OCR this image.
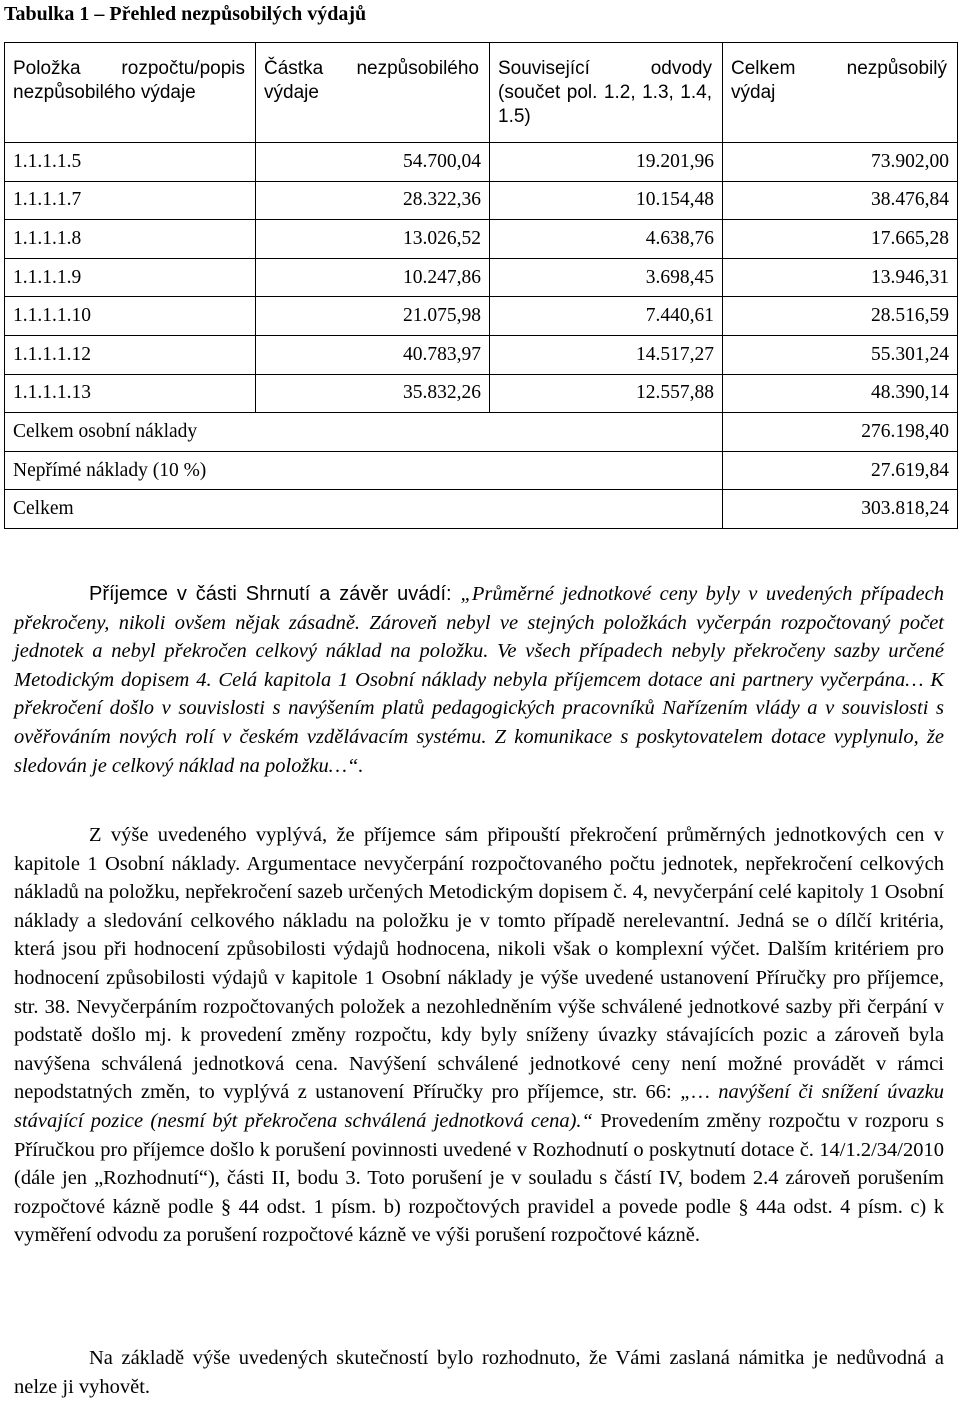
Tabulka 1 – Přehled nezpůsobilých výdajů
Položka rozpočtu/popis nezpůsobilého výdaje	Částka nezpůsobilého výdaje	Související odvody (součet pol. 1.2, 1.3, 1.4, 1.5)	Celkem nezpůsobilý výdaj
1.1.1.1.5	54.700,04	19.201,96	73.902,00
1.1.1.1.7	28.322,36	10.154,48	38.476,84
1.1.1.1.8	13.026,52	4.638,76	17.665,28
1.1.1.1.9	10.247,86	3.698,45	13.946,31
1.1.1.1.10	21.075,98	7.440,61	28.516,59
1.1.1.1.12	40.783,97	14.517,27	55.301,24
1.1.1.1.13	35.832,26	12.557,88	48.390,14
Celkem osobní náklady			276.198,40
Nepřímé náklady (10 %)			27.619,84
Celkem			303.818,24

Příjemce v části Shrnutí a závěr uvádí: „Průměrné jednotkové ceny byly v uvedených případech překročeny, nikoli ovšem nějak zásadně. Zároveň nebyl ve stejných položkách vyčerpán rozpočtovaný počet jednotek a nebyl překročen celkový náklad na položku. Ve všech případech nebyly překročeny sazby určené Metodickým dopisem 4. Celá kapitola 1 Osobní náklady nebyla příjemcem dotace ani partnery vyčerpána… K překročení došlo v souvislosti s navýšením platů pedagogických pracovníků Nařízením vlády a v souvislosti s ověřováním nových rolí v českém vzdělávacím systému. Z komunikace s poskytovatelem dotace vyplynulo, že sledován je celkový náklad na položku…“.

Z výše uvedeného vyplývá, že příjemce sám připouští překročení průměrných jednotkových cen v kapitole 1 Osobní náklady. Argumentace nevyčerpání rozpočtovaného počtu jednotek, nepřekročení celkových nákladů na položku, nepřekročení sazeb určených Metodickým dopisem č. 4, nevyčerpání celé kapitoly 1 Osobní náklady a sledování celkového nákladu na položku je v tomto případě nerelevantní. Jedná se o dílčí kritéria, která jsou při hodnocení způsobilosti výdajů hodnocena, nikoli však o komplexní výčet. Dalším kritériem pro hodnocení způsobilosti výdajů v kapitole 1 Osobní náklady je výše uvedené ustanovení Příručky pro příjemce, str. 38. Nevyčerpáním rozpočtovaných položek a nezohledněním výše schválené jednotkové sazby při čerpání v podstatě došlo mj. k provedení změny rozpočtu, kdy byly sníženy úvazky stávajících pozic a zároveň byla navýšena schválená jednotková cena. Navýšení schválené jednotkové ceny není možné provádět v rámci nepodstatných změn, to vyplývá z ustanovení Příručky pro příjemce, str. 66: „… navýšení či snížení úvazku stávající pozice (nesmí být překročena schválená jednotková cena).“ Provedením změny rozpočtu v rozporu s Příručkou pro příjemce došlo k porušení povinnosti uvedené v Rozhodnutí o poskytnutí dotace č. 14/1.2/34/2010 (dále jen „Rozhodnutí“), části II, bodu 3. Toto porušení je v souladu s částí IV, bodem 2.4 zároveň porušením rozpočtové kázně podle § 44 odst. 1 písm. b) rozpočtových pravidel a povede podle § 44a odst. 4 písm. c) k vyměření odvodu za porušení rozpočtové kázně ve výši porušení rozpočtové kázně.

Na základě výše uvedených skutečností bylo rozhodnuto, že Vámi zaslaná námitka je nedůvodná a nelze ji vyhovět.
